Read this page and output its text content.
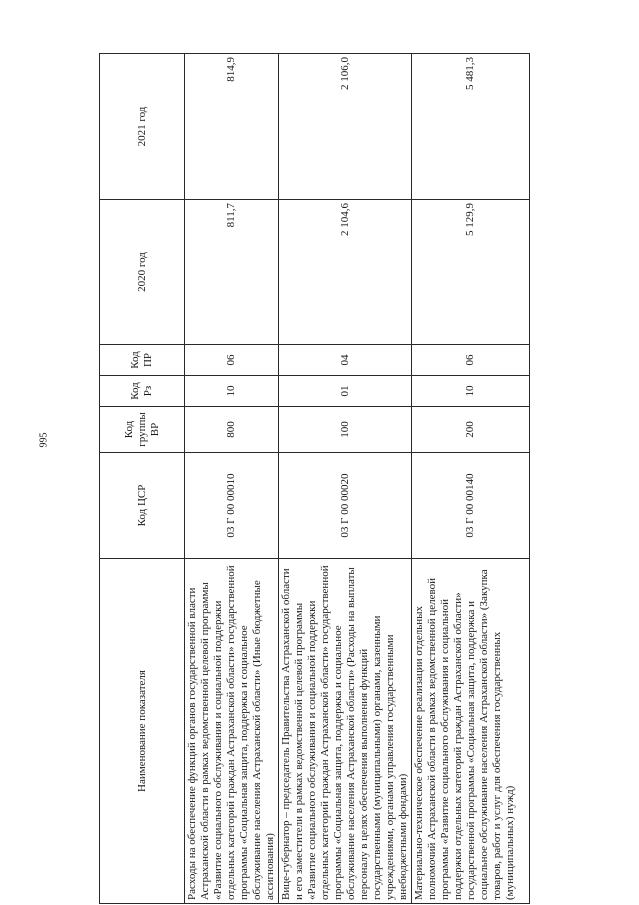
995
Наименование показателя	Код ЦСР	Код группы ВР	Код Рз	Код ПР	2020 год	2021 год
Расходы на обеспечение функций органов государственной власти Астраханской области в рамках ведомственной целевой программы «Развитие социального обслуживания и социальной поддержки отдельных категорий граждан Астраханской области» государственной программы «Социальная защита, поддержка и социальное обслуживание населения Астраханской области» (Иные бюджетные ассигнования)	03 Г 00 00010	800	10	06	811,7	814,9
Вице-губернатор – председатель Правительства Астраханской области и его заместители в рамках ведомственной целевой программы «Развитие социального обслуживания и социальной поддержки отдельных категорий граждан Астраханской области» государственной программы «Социальная защита, поддержка и социальное обслуживание населения Астраханской области» (Расходы на выплаты персоналу в целях обеспечения выполнения функций государственными (муниципальными) органами, казенными учреждениями, органами управления государственными внебюджетными фондами)	03 Г 00 00020	100	01	04	2 104,6	2 106,0
Материально-техническое обеспечение реализации отдельных полномочий Астраханской области в рамках ведомственной целевой программы «Развитие социального обслуживания и социальной поддержки отдельных категорий граждан Астраханской области» государственной программы «Социальная защита, поддержка и социальное обслуживание населения Астраханской области» (Закупка товаров, работ и услуг для обеспечения государственных (муниципальных) нужд)	03 Г 00 00140	200	10	06	5 129,9	5 481,3
